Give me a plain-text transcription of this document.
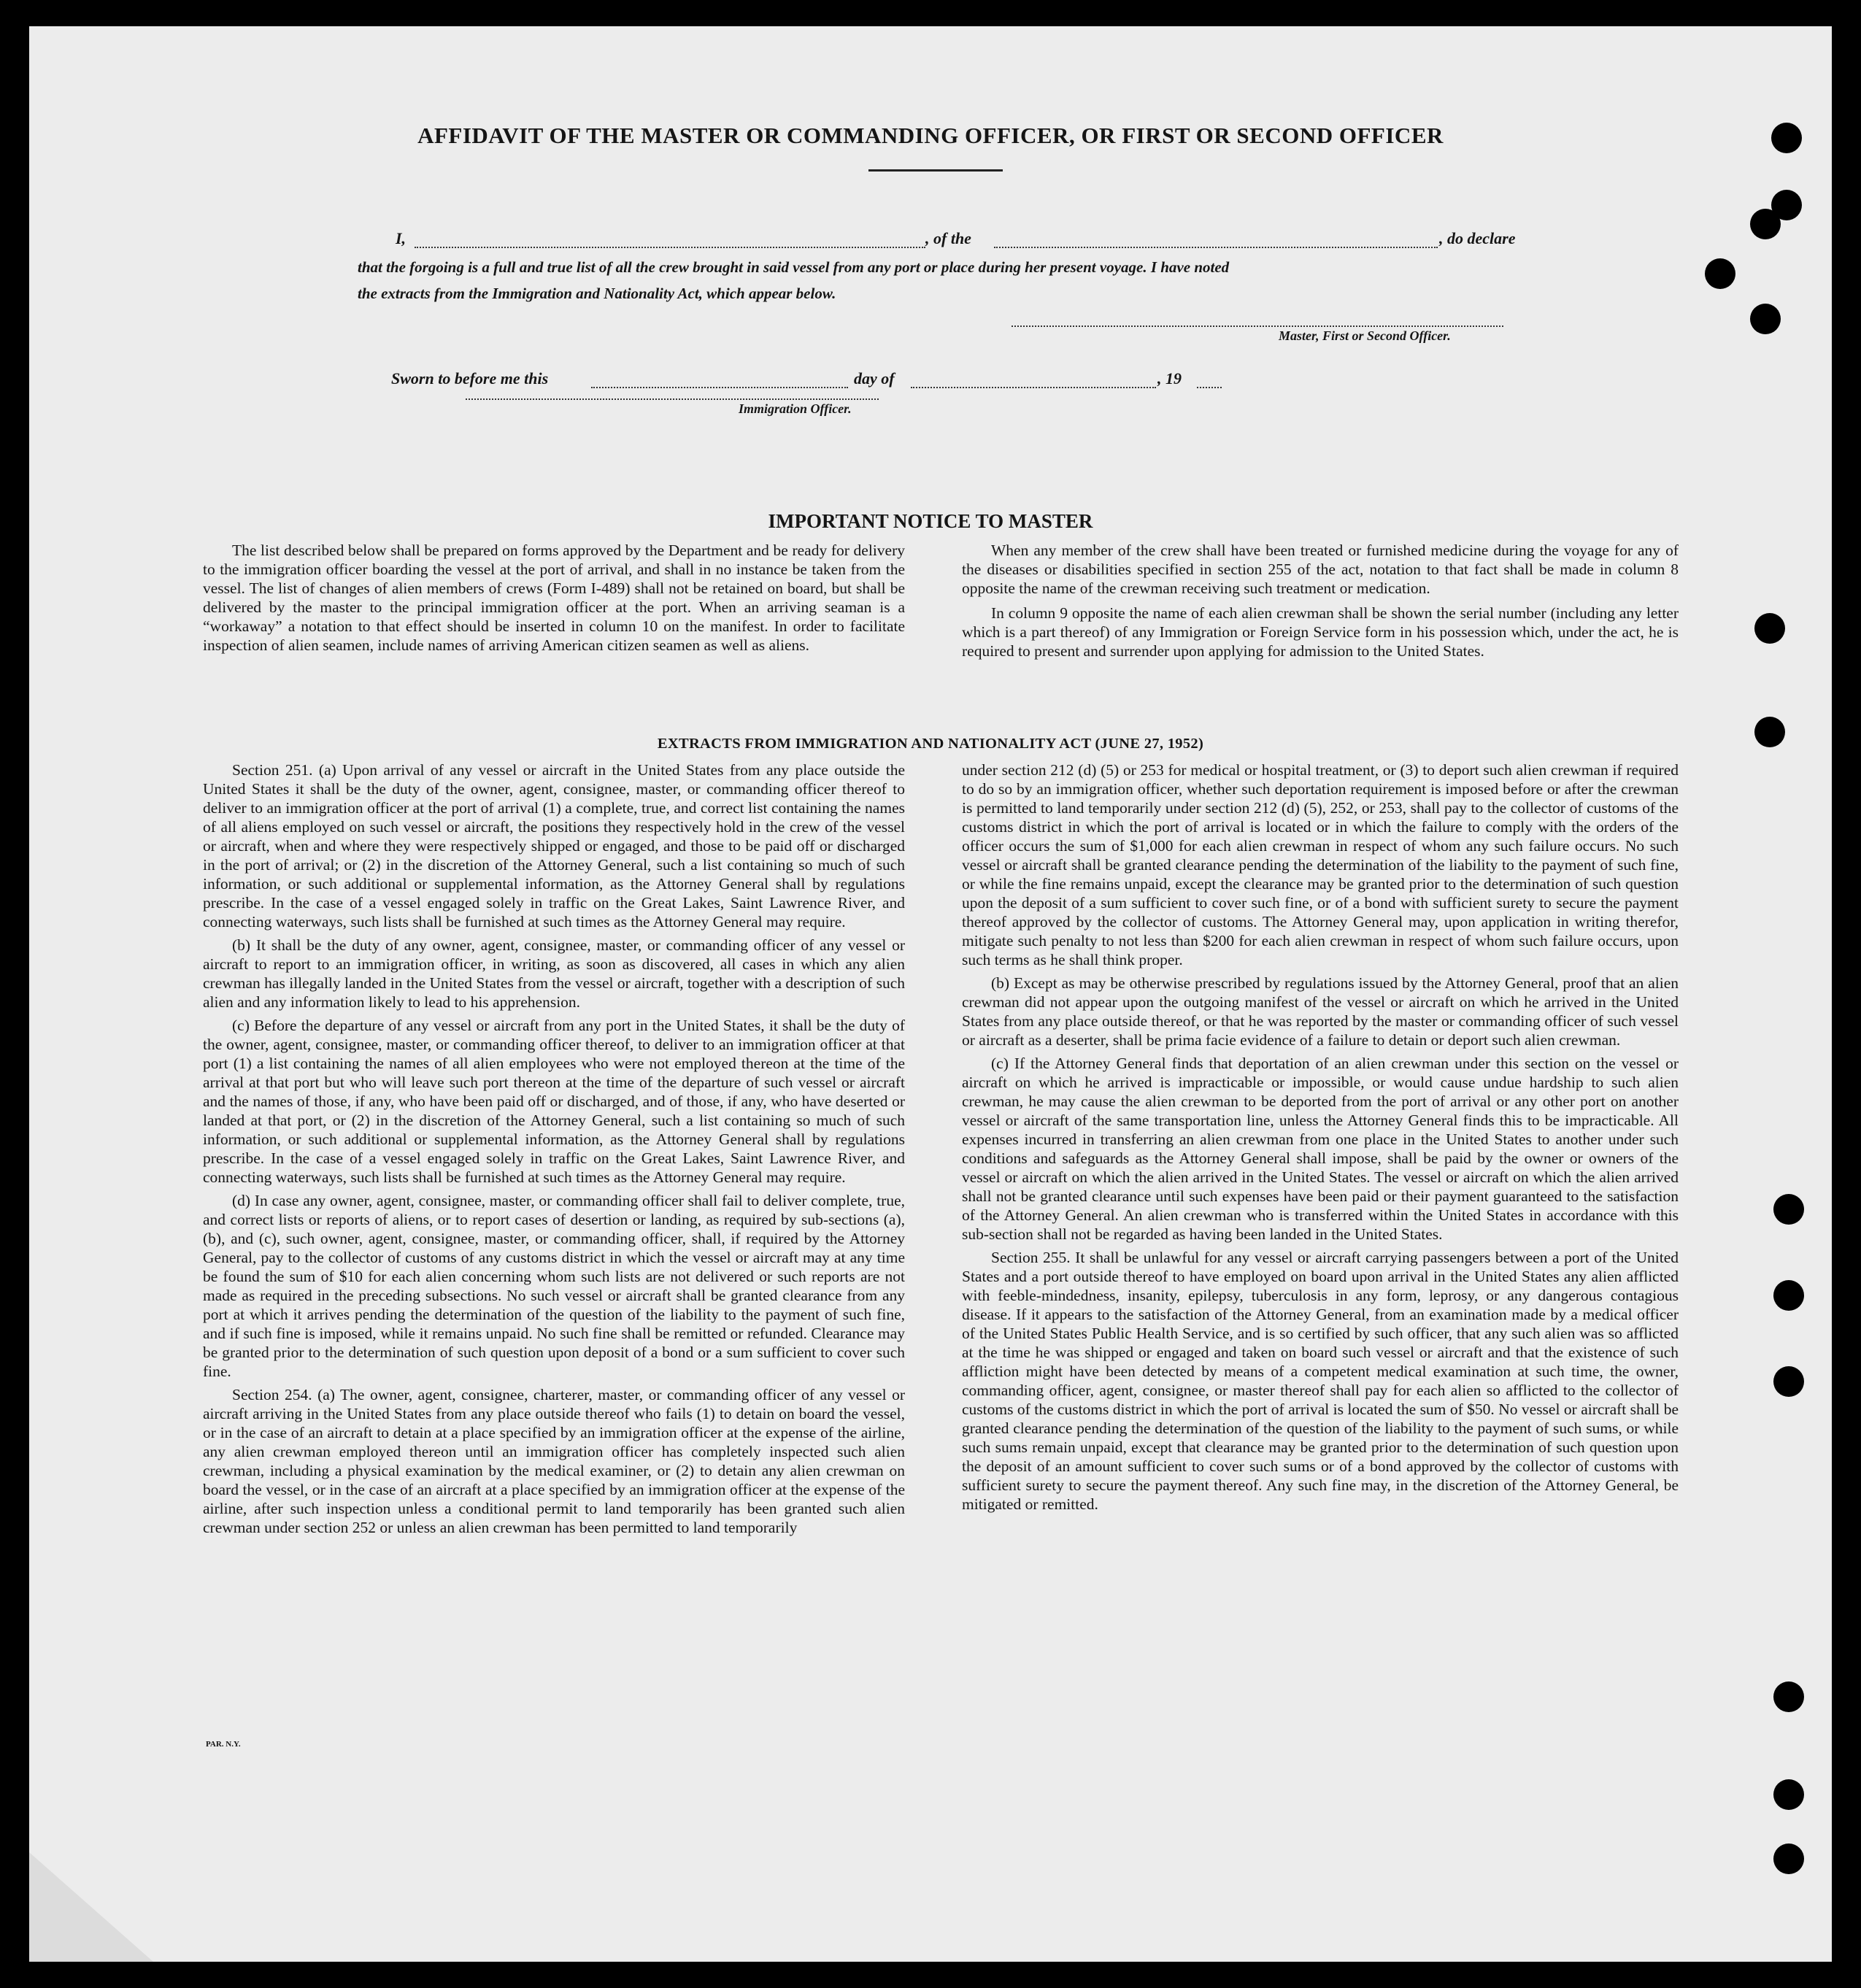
AFFIDAVIT OF THE MASTER OR COMMANDING OFFICER, OR FIRST OR SECOND OFFICER
I,	, of the	, do declare
that the forgoing is a full and true list of all the crew brought in said vessel from any port or place during her present voyage. I have noted
the extracts from the Immigration and Nationality Act, which appear below.
Master, First or Second Officer.
Sworn to before me this	day of	, 19
Immigration Officer.
IMPORTANT NOTICE TO MASTER

The list described below shall be prepared on forms approved by the Department and be ready for delivery to the immigration officer boarding the vessel at the port of arrival, and shall in no instance be taken from the vessel. The list of changes of alien members of crews (Form I-489) shall not be retained on board, but shall be delivered by the master to the principal immigration officer at the port. When an arriving seaman is a “workaway” a notation to that effect should be inserted in column 10 on the manifest. In order to facilitate inspection of alien seamen, include names of arriving American citizen seamen as well as aliens.

When any member of the crew shall have been treated or furnished medicine during the voyage for any of the diseases or disabilities specified in section 255 of the act, notation to that fact shall be made in column 8 opposite the name of the crewman receiving such treatment or medication.

In column 9 opposite the name of each alien crewman shall be shown the serial number (including any letter which is a part thereof) of any Immigration or Foreign Service form in his possession which, under the act, he is required to present and surrender upon applying for admission to the United States.

EXTRACTS FROM IMMIGRATION AND NATIONALITY ACT (JUNE 27, 1952)

Section 251. (a) Upon arrival of any vessel or aircraft in the United States from any place outside the United States it shall be the duty of the owner, agent, consignee, master, or commanding officer thereof to deliver to an immigration officer at the port of arrival (1) a complete, true, and correct list containing the names of all aliens employed on such vessel or aircraft, the positions they respectively hold in the crew of the vessel or aircraft, when and where they were respectively shipped or engaged, and those to be paid off or discharged in the port of arrival; or (2) in the discretion of the Attorney General, such a list containing so much of such information, or such additional or supplemental information, as the Attorney General shall by regulations prescribe. In the case of a vessel engaged solely in traffic on the Great Lakes, Saint Lawrence River, and connecting waterways, such lists shall be furnished at such times as the Attorney General may require.

(b) It shall be the duty of any owner, agent, consignee, master, or commanding officer of any vessel or aircraft to report to an immigration officer, in writing, as soon as discovered, all cases in which any alien crewman has illegally landed in the United States from the vessel or aircraft, together with a description of such alien and any information likely to lead to his apprehension.

(c) Before the departure of any vessel or aircraft from any port in the United States, it shall be the duty of the owner, agent, consignee, master, or commanding officer thereof, to deliver to an immigration officer at that port (1) a list containing the names of all alien employees who were not employed thereon at the time of the arrival at that port but who will leave such port thereon at the time of the departure of such vessel or aircraft and the names of those, if any, who have been paid off or discharged, and of those, if any, who have deserted or landed at that port, or (2) in the discretion of the Attorney General, such a list containing so much of such information, or such additional or supplemental information, as the Attorney General shall by regulations prescribe. In the case of a vessel engaged solely in traffic on the Great Lakes, Saint Lawrence River, and connecting waterways, such lists shall be furnished at such times as the Attorney General may require.

(d) In case any owner, agent, consignee, master, or commanding officer shall fail to deliver complete, true, and correct lists or reports of aliens, or to report cases of desertion or landing, as required by sub-sections (a), (b), and (c), such owner, agent, consignee, master, or commanding officer, shall, if required by the Attorney General, pay to the collector of customs of any customs district in which the vessel or aircraft may at any time be found the sum of $10 for each alien concerning whom such lists are not delivered or such reports are not made as required in the preceding subsections. No such vessel or aircraft shall be granted clearance from any port at which it arrives pending the determination of the question of the liability to the payment of such fine, and if such fine is imposed, while it remains unpaid. No such fine shall be remitted or refunded. Clearance may be granted prior to the determination of such question upon deposit of a bond or a sum sufficient to cover such fine.

Section 254. (a) The owner, agent, consignee, charterer, master, or commanding officer of any vessel or aircraft arriving in the United States from any place outside thereof who fails (1) to detain on board the vessel, or in the case of an aircraft to detain at a place specified by an immigration officer at the expense of the airline, any alien crewman employed thereon until an immigration officer has completely inspected such alien crewman, including a physical examination by the medical examiner, or (2) to detain any alien crewman on board the vessel, or in the case of an aircraft at a place specified by an immigration officer at the expense of the airline, after such inspection unless a conditional permit to land temporarily has been granted such alien crewman under section 252 or unless an alien crewman has been permitted to land temporarily

under section 212 (d) (5) or 253 for medical or hospital treatment, or (3) to deport such alien crewman if required to do so by an immigration officer, whether such deportation requirement is imposed before or after the crewman is permitted to land temporarily under section 212 (d) (5), 252, or 253, shall pay to the collector of customs of the customs district in which the port of arrival is located or in which the failure to comply with the orders of the officer occurs the sum of $1,000 for each alien crewman in respect of whom any such failure occurs. No such vessel or aircraft shall be granted clearance pending the determination of the liability to the payment of such fine, or while the fine remains unpaid, except the clearance may be granted prior to the determination of such question upon the deposit of a sum sufficient to cover such fine, or of a bond with sufficient surety to secure the payment thereof approved by the collector of customs. The Attorney General may, upon application in writing therefor, mitigate such penalty to not less than $200 for each alien crewman in respect of whom such failure occurs, upon such terms as he shall think proper.

(b) Except as may be otherwise prescribed by regulations issued by the Attorney General, proof that an alien crewman did not appear upon the outgoing manifest of the vessel or aircraft on which he arrived in the United States from any place outside thereof, or that he was reported by the master or commanding officer of such vessel or aircraft as a deserter, shall be prima facie evidence of a failure to detain or deport such alien crewman.

(c) If the Attorney General finds that deportation of an alien crewman under this section on the vessel or aircraft on which he arrived is impracticable or impossible, or would cause undue hardship to such alien crewman, he may cause the alien crewman to be deported from the port of arrival or any other port on another vessel or aircraft of the same transportation line, unless the Attorney General finds this to be impracticable. All expenses incurred in transferring an alien crewman from one place in the United States to another under such conditions and safeguards as the Attorney General shall impose, shall be paid by the owner or owners of the vessel or aircraft on which the alien arrived in the United States. The vessel or aircraft on which the alien arrived shall not be granted clearance until such expenses have been paid or their payment guaranteed to the satisfaction of the Attorney General. An alien crewman who is transferred within the United States in accordance with this sub-section shall not be regarded as having been landed in the United States.

Section 255. It shall be unlawful for any vessel or aircraft carrying passengers between a port of the United States and a port outside thereof to have employed on board upon arrival in the United States any alien afflicted with feeble-mindedness, insanity, epilepsy, tuberculosis in any form, leprosy, or any dangerous contagious disease. If it appears to the satisfaction of the Attorney General, from an examination made by a medical officer of the United States Public Health Service, and is so certified by such officer, that any such alien was so afflicted at the time he was shipped or engaged and taken on board such vessel or aircraft and that the existence of such affliction might have been detected by means of a competent medical examination at such time, the owner, commanding officer, agent, consignee, or master thereof shall pay for each alien so afflicted to the collector of customs of the customs district in which the port of arrival is located the sum of $50. No vessel or aircraft shall be granted clearance pending the determination of the question of the liability to the payment of such sums, or while such sums remain unpaid, except that clearance may be granted prior to the determination of such question upon the deposit of an amount sufficient to cover such sums or of a bond approved by the collector of customs with sufficient surety to secure the payment thereof. Any such fine may, in the discretion of the Attorney General, be mitigated or remitted.

PAR. N.Y.
